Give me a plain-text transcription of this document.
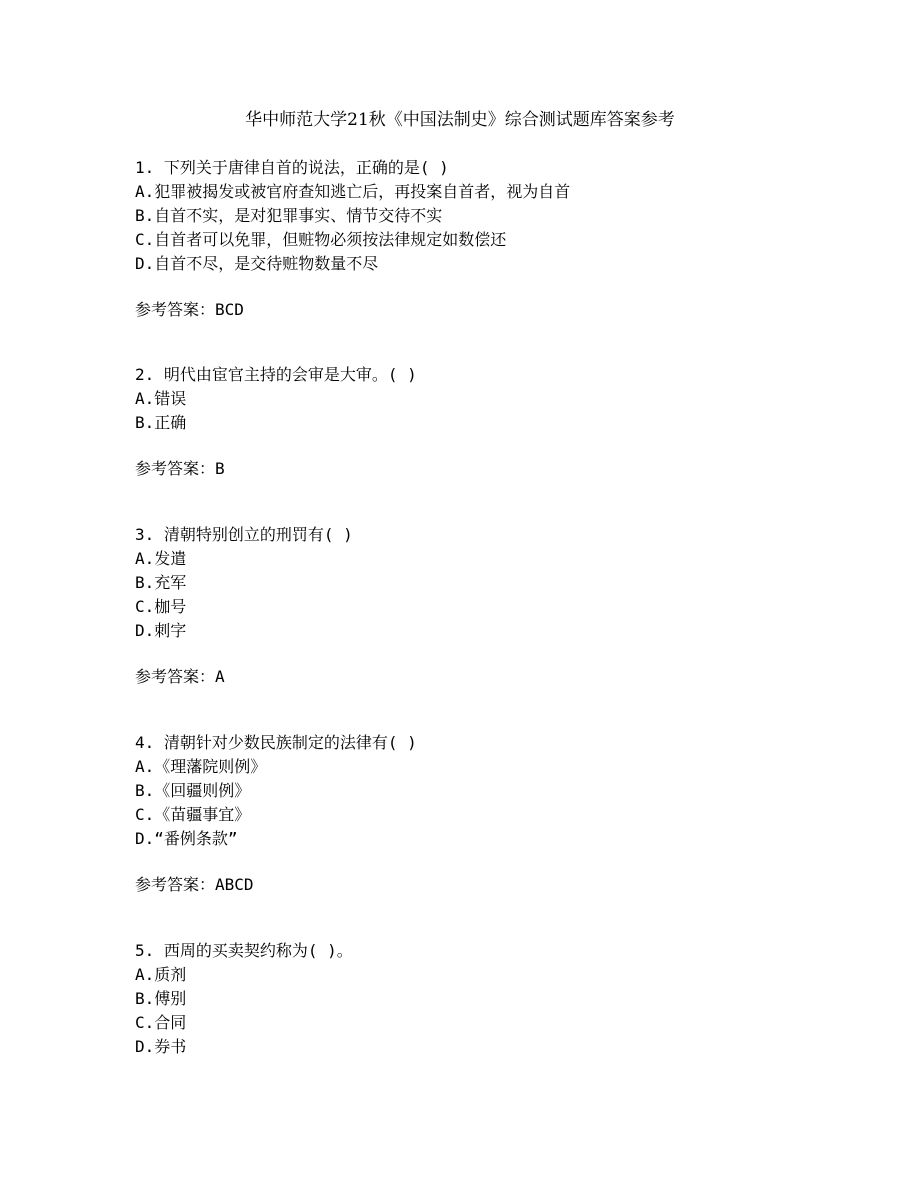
华中师范大学21秋《中国法制史》综合测试题库答案参考
1. 下列关于唐律自首的说法，正确的是( )
A.犯罪被揭发或被官府查知逃亡后，再投案自首者，视为自首
B.自首不实，是对犯罪事实、情节交待不实
C.自首者可以免罪，但赃物必须按法律规定如数偿还
D.自首不尽，是交待赃物数量不尽
参考答案：BCD
2. 明代由宦官主持的会审是大审。( )
A.错误
B.正确
参考答案：B
3. 清朝特别创立的刑罚有( )
A.发遣
B.充军
C.枷号
D.刺字
参考答案：A
4. 清朝针对少数民族制定的法律有( )
A.《理藩院则例》
B.《回疆则例》
C.《苗疆事宜》
D.“番例条款”
参考答案：ABCD
5. 西周的买卖契约称为( )。
A.质剂
B.傅别
C.合同
D.券书
